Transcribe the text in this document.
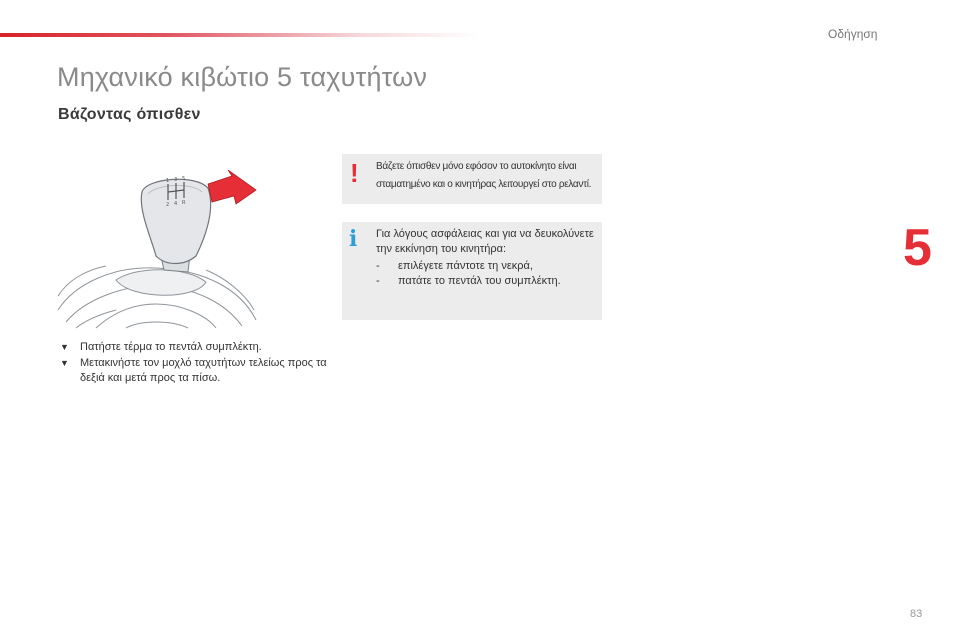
Οδήγηση
Μηχανικό κιβώτιο 5 ταχυτήτων
Βάζοντας όπισθεν
5
1 3 5
2 4 R
▼	Πατήστε τέρμα το πεντάλ συμπλέκτη.
▼	Μετακινήστε τον μοχλό ταχυτήτων τελείως προς τα δεξιά και μετά προς τα πίσω.
! Βάζετε όπισθεν μόνο εφόσον το αυτοκίνητο είναι σταματημένο και ο κινητήρας λειτουργεί στο ρελαντί.
i Για λόγους ασφάλειας και για να δευκολύνετε την εκκίνηση του κινητήρα:
-	επιλέγετε πάντοτε τη νεκρά,
-	πατάτε το πεντάλ του συμπλέκτη.
83
